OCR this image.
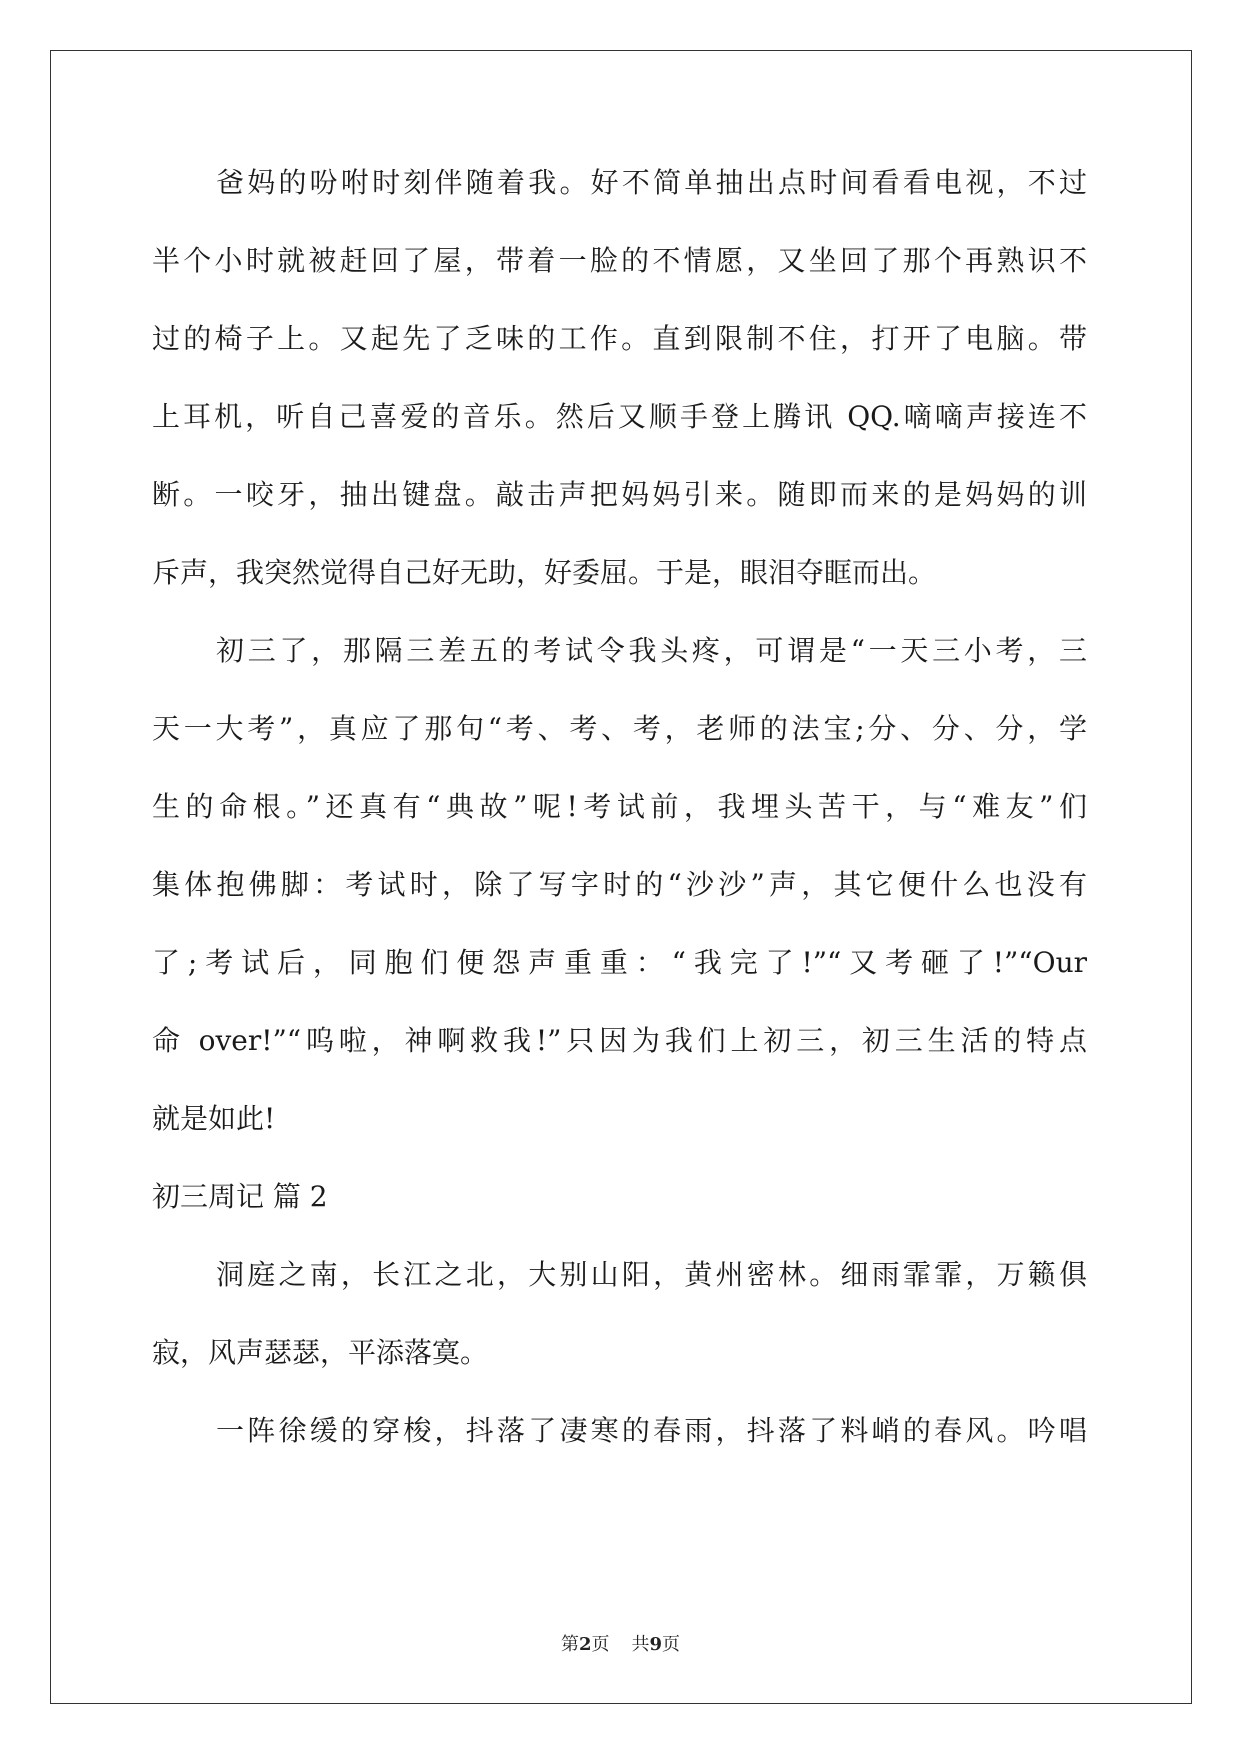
爸妈的吩咐时刻伴随着我。好不简单抽出点时间看看电视，不过
半个小时就被赶回了屋，带着一脸的不情愿，又坐回了那个再熟识不
过的椅子上。又起先了乏味的工作。直到限制不住，打开了电脑。带
上耳机，听自己喜爱的音乐。然后又顺手登上腾讯 QQ.嘀嘀声接连不
断。一咬牙，抽出键盘。敲击声把妈妈引来。随即而来的是妈妈的训
斥声，我突然觉得自己好无助，好委屈。于是，眼泪夺眶而出。
初三了，那隔三差五的考试令我头疼，可谓是“一天三小考，三
天一大考”，真应了那句“考、考、考，老师的法宝;分、分、分，学
生的命根。”还真有“典故”呢!考试前，我埋头苦干，与“难友”们
集体抱佛脚：考试时，除了写字时的“沙沙”声，其它便什么也没有
了;考试后，同胞们便怨声重重：“我完了!”“又考砸了!”“Our
命 over!”“呜啦，神啊救我!”只因为我们上初三，初三生活的特点
就是如此!
初三周记 篇 2
洞庭之南，长江之北，大别山阳，黄州密林。细雨霏霏，万籁俱
寂，风声瑟瑟，平添落寞。
一阵徐缓的穿梭，抖落了凄寒的春雨，抖落了料峭的春风。吟唱
第2页 共9页
